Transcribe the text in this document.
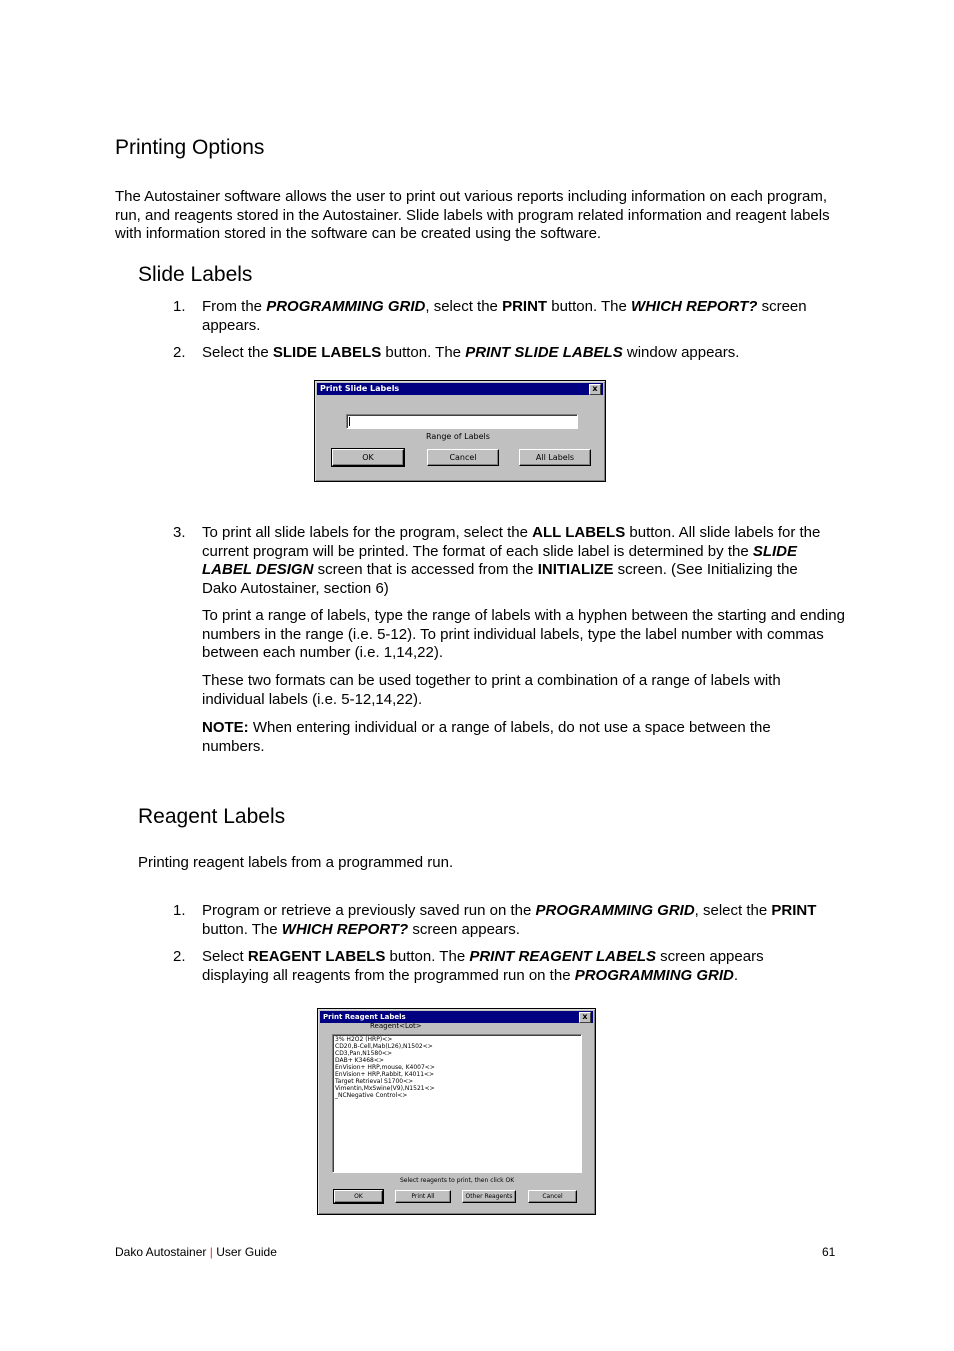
Printing Options
The Autostainer software allows the user to print out various reports including information on each program, run, and reagents stored in the Autostainer. Slide labels with program related information and reagent labels with information stored in the software can be created using the software.
Slide Labels
1. From the PROGRAMMING GRID, select the PRINT button. The WHICH REPORT? screen appears.
2. Select the SLIDE LABELS button. The PRINT SLIDE LABELS window appears.
Print Slide Labels	x
Range of Labels
OK	Cancel	All Labels
3. To print all slide labels for the program, select the ALL LABELS button. All slide labels for the current program will be printed. The format of each slide label is determined by the SLIDE LABEL DESIGN screen that is accessed from the INITIALIZE screen. (See Initializing the Dako Autostainer, section 6)
To print a range of labels, type the range of labels with a hyphen between the starting and ending numbers in the range (i.e. 5-12). To print individual labels, type the label number with commas between each number (i.e. 1,14,22).
These two formats can be used together to print a combination of a range of labels with individual labels (i.e. 5-12,14,22).
NOTE: When entering individual or a range of labels, do not use a space between the numbers.
Reagent Labels
Printing reagent labels from a programmed run.
1. Program or retrieve a previously saved run on the PROGRAMMING GRID, select the PRINT button. The WHICH REPORT? screen appears.
2. Select REAGENT LABELS button. The PRINT REAGENT LABELS screen appears displaying all reagents from the programmed run on the PROGRAMMING GRID.
Print Reagent Labels	x
Reagent<Lot>
3% H2O2 (HRP)<>
CD20,B-Cell,Mab(L26),N1502<>
CD3,Pan,N1580<>
DAB+ K3468<>
EnVision+ HRP,mouse, K4007<>
EnVision+ HRP,Rabbit, K4011<>
Target Retrieval S1700<>
Vimentin,MxSwine(V9),N1521<>
_NCNegative Control<>
Select reagents to print, then click OK
OK	Print All	Other Reagents	Cancel
Dako Autostainer | User Guide	61
